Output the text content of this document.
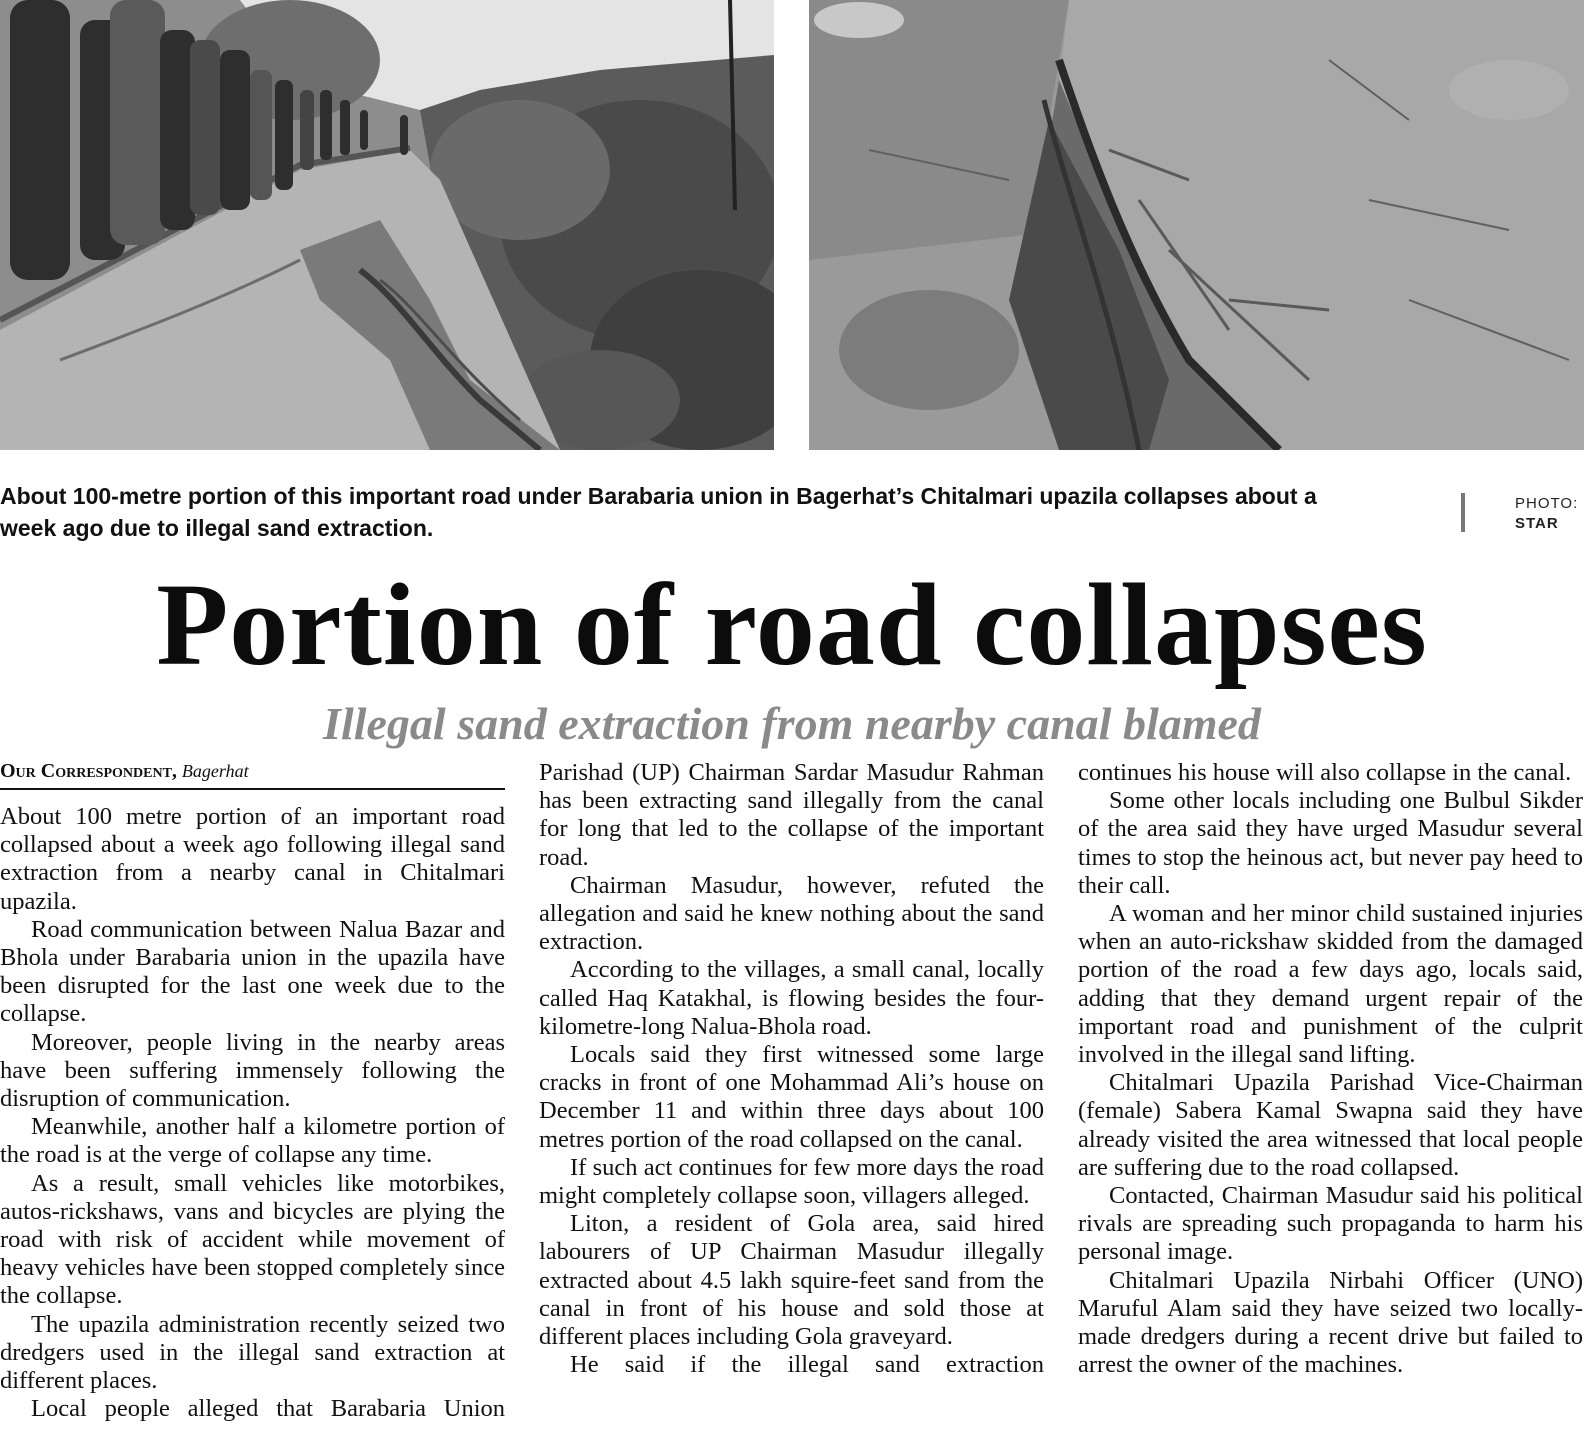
About 100-metre portion of this important road under Barabaria union in Bagerhat’s Chitalmari upazila collapses about a week ago due to illegal sand extraction.
PHOTO:
STAR
Portion of road collapses
Illegal sand extraction from nearby canal blamed
Our Correspondent, Bagerhat

About 100 metre portion of an important road collapsed about a week ago following illegal sand extraction from a nearby canal in Chitalmari upazila.

Road communication between Nalua Bazar and Bhola under Barabaria union in the upazila have been disrupted for the last one week due to the collapse.

Moreover, people living in the nearby areas have been suffering immensely following the disruption of communication.

Meanwhile, another half a kilometre portion of the road is at the verge of collapse any time.

As a result, small vehicles like motorbikes, autos-rickshaws, vans and bicycles are plying the road with risk of accident while movement of heavy vehicles have been stopped completely since the collapse.

The upazila administration recently seized two dredgers used in the illegal sand extraction at different places.

Local people alleged that Barabaria Union

Parishad (UP) Chairman Sardar Masudur Rahman has been extracting sand illegally from the canal for long that led to the collapse of the important road.

Chairman Masudur, however, refuted the allegation and said he knew nothing about the sand extraction.

According to the villages, a small canal, locally called Haq Katakhal, is flowing besides the four-kilometre-long Nalua-Bhola road.

Locals said they first witnessed some large cracks in front of one Mohammad Ali’s house on December 11 and within three days about 100 metres portion of the road collapsed on the canal.

If such act continues for few more days the road might completely collapse soon, villagers alleged.

Liton, a resident of Gola area, said hired labourers of UP Chairman Masudur illegally extracted about 4.5 lakh squire-feet sand from the canal in front of his house and sold those at different places including Gola graveyard.

He said if the illegal sand extraction

continues his house will also collapse in the canal.

Some other locals including one Bulbul Sikder of the area said they have urged Masudur several times to stop the heinous act, but never pay heed to their call.

A woman and her minor child sustained injuries when an auto-rickshaw skidded from the damaged portion of the road a few days ago, locals said, adding that they demand urgent repair of the important road and punishment of the culprit involved in the illegal sand lifting.

Chitalmari Upazila Parishad Vice-Chairman (female) Sabera Kamal Swapna said they have already visited the area witnessed that local people are suffering due to the road collapsed.

Contacted, Chairman Masudur said his political rivals are spreading such propaganda to harm his personal image.

Chitalmari Upazila Nirbahi Officer (UNO) Maruful Alam said they have seized two locally-made dredgers during a recent drive but failed to arrest the owner of the machines.
